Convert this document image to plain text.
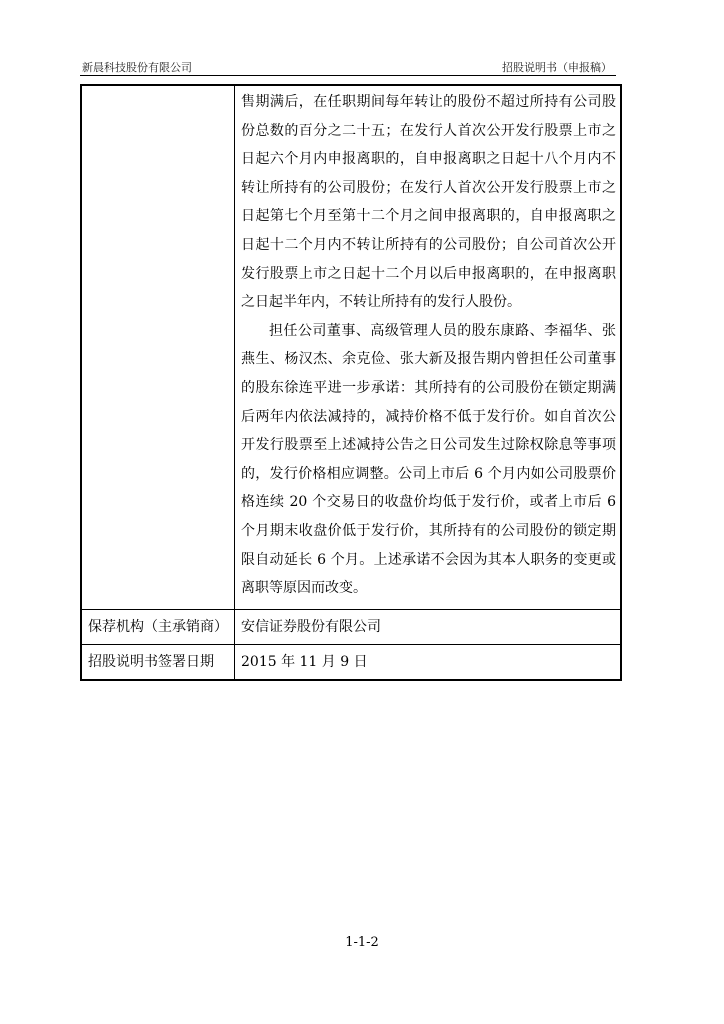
新晨科技股份有限公司	招股说明书（申报稿）

	售期满后，在任职期间每年转让的股份不超过所持有公司股份总数的百分之二十五；在发行人首次公开发行股票上市之日起六个月内申报离职的，自申报离职之日起十八个月内不转让所持有的公司股份；在发行人首次公开发行股票上市之日起第七个月至第十二个月之间申报离职的，自申报离职之日起十二个月内不转让所持有的公司股份；自公司首次公开发行股票上市之日起十二个月以后申报离职的，在申报离职之日起半年内，不转让所持有的发行人股份。

担任公司董事、高级管理人员的股东康路、李福华、张燕生、杨汉杰、余克俭、张大新及报告期内曾担任公司董事的股东徐连平进一步承诺：其所持有的公司股份在锁定期满后两年内依法减持的，减持价格不低于发行价。如自首次公开发行股票至上述减持公告之日公司发生过除权除息等事项的，发行价格相应调整。公司上市后 6 个月内如公司股票价格连续 20 个交易日的收盘价均低于发行价，或者上市后 6 个月期末收盘价低于发行价，其所持有的公司股份的锁定期限自动延长 6 个月。上述承诺不会因为其本人职务的变更或离职等原因而改变。

保荐机构（主承销商）	安信证券股份有限公司
招股说明书签署日期	2015 年 11 月 9 日
1-1-2
